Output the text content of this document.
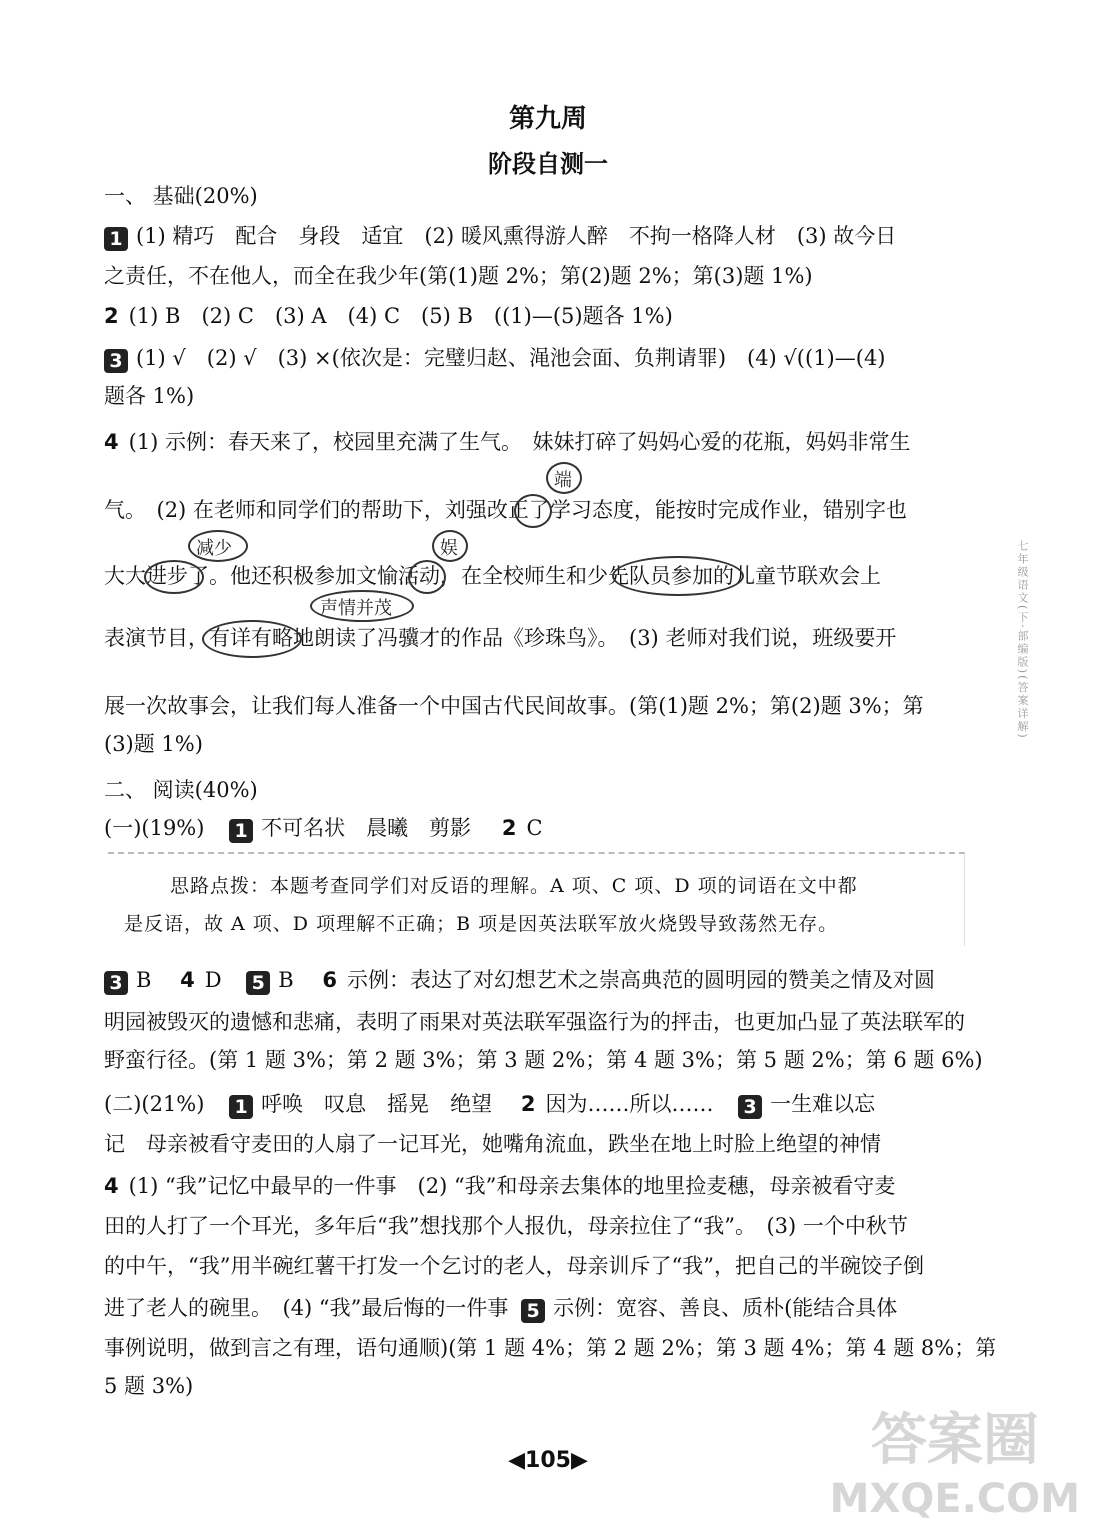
第九周
阶段自测一
一、 基础(20%)
1 (1) 精巧　配合　身段　适宜　(2) 暖风熏得游人醉　不拘一格降人材　(3) 故今日
之责任，不在他人，而全在我少年(第(1)题 2%；第(2)题 2%；第(3)题 1%)
2 (1) B　(2) C　(3) A　(4) C　(5) B　((1)—(5)题各 1%)
3 (1) √　(2) √　(3) ×(依次是：完璧归赵、渑池会面、负荆请罪)　(4) √((1)—(4)
题各 1%)
4 (1) 示例：春天来了，校园里充满了生气。　妹妹打碎了妈妈心爱的花瓶，妈妈非常生
气。　(2) 在老师和同学们的帮助下，刘强改正了学习态度，能按时完成作业，错别字也
大大进步了。他还积极参加文愉活动，在全校师生和少先队员参加的儿童节联欢会上
表演节目，有详有略地朗读了冯骥才的作品《珍珠鸟》。　(3) 老师对我们说，班级要开
展一次故事会，让我们每人准备一个中国古代民间故事。(第(1)题 2%；第(2)题 3%；第
(3)题 1%)
端
减少	娱
声情并茂
二、 阅读(40%)
(一)(19%) 1 不可名状　晨曦　剪影 2 C
思路点拨：本题考查同学们对反语的理解。A 项、C 项、D 项的词语在文中都
是反语，故 A 项、D 项理解不正确；B 项是因英法联军放火烧毁导致荡然无存。
3 B 4 D 5 B 6 示例：表达了对幻想艺术之崇高典范的圆明园的赞美之情及对圆
明园被毁灭的遗憾和悲痛，表明了雨果对英法联军强盗行为的抨击，也更加凸显了英法联军的
野蛮行径。(第 1 题 3%；第 2 题 3%；第 3 题 2%；第 4 题 3%；第 5 题 2%；第 6 题 6%)
(二)(21%) 1 呼唤　叹息　摇晃　绝望 2 因为……所以…… 3 一生难以忘
记　母亲被看守麦田的人扇了一记耳光，她嘴角流血，跌坐在地上时脸上绝望的神情
4 (1) “我”记忆中最早的一件事　(2) “我”和母亲去集体的地里捡麦穗，母亲被看守麦
田的人打了一个耳光，多年后“我”想找那个人报仇，母亲拉住了“我”。　(3) 一个中秋节
的中午，“我”用半碗红薯干打发一个乞讨的老人，母亲训斥了“我”，把自己的半碗饺子倒
进了老人的碗里。　(4) “我”最后悔的一件事 5 示例：宽容、善良、质朴(能结合具体
事例说明，做到言之有理，语句通顺)(第 1 题 4%；第 2 题 2%；第 3 题 4%；第 4 题 8%；第
5 题 3%)
◀105▶
七年级语文(下·部编版)(答案详解)
答案圈
MXQE.COM
